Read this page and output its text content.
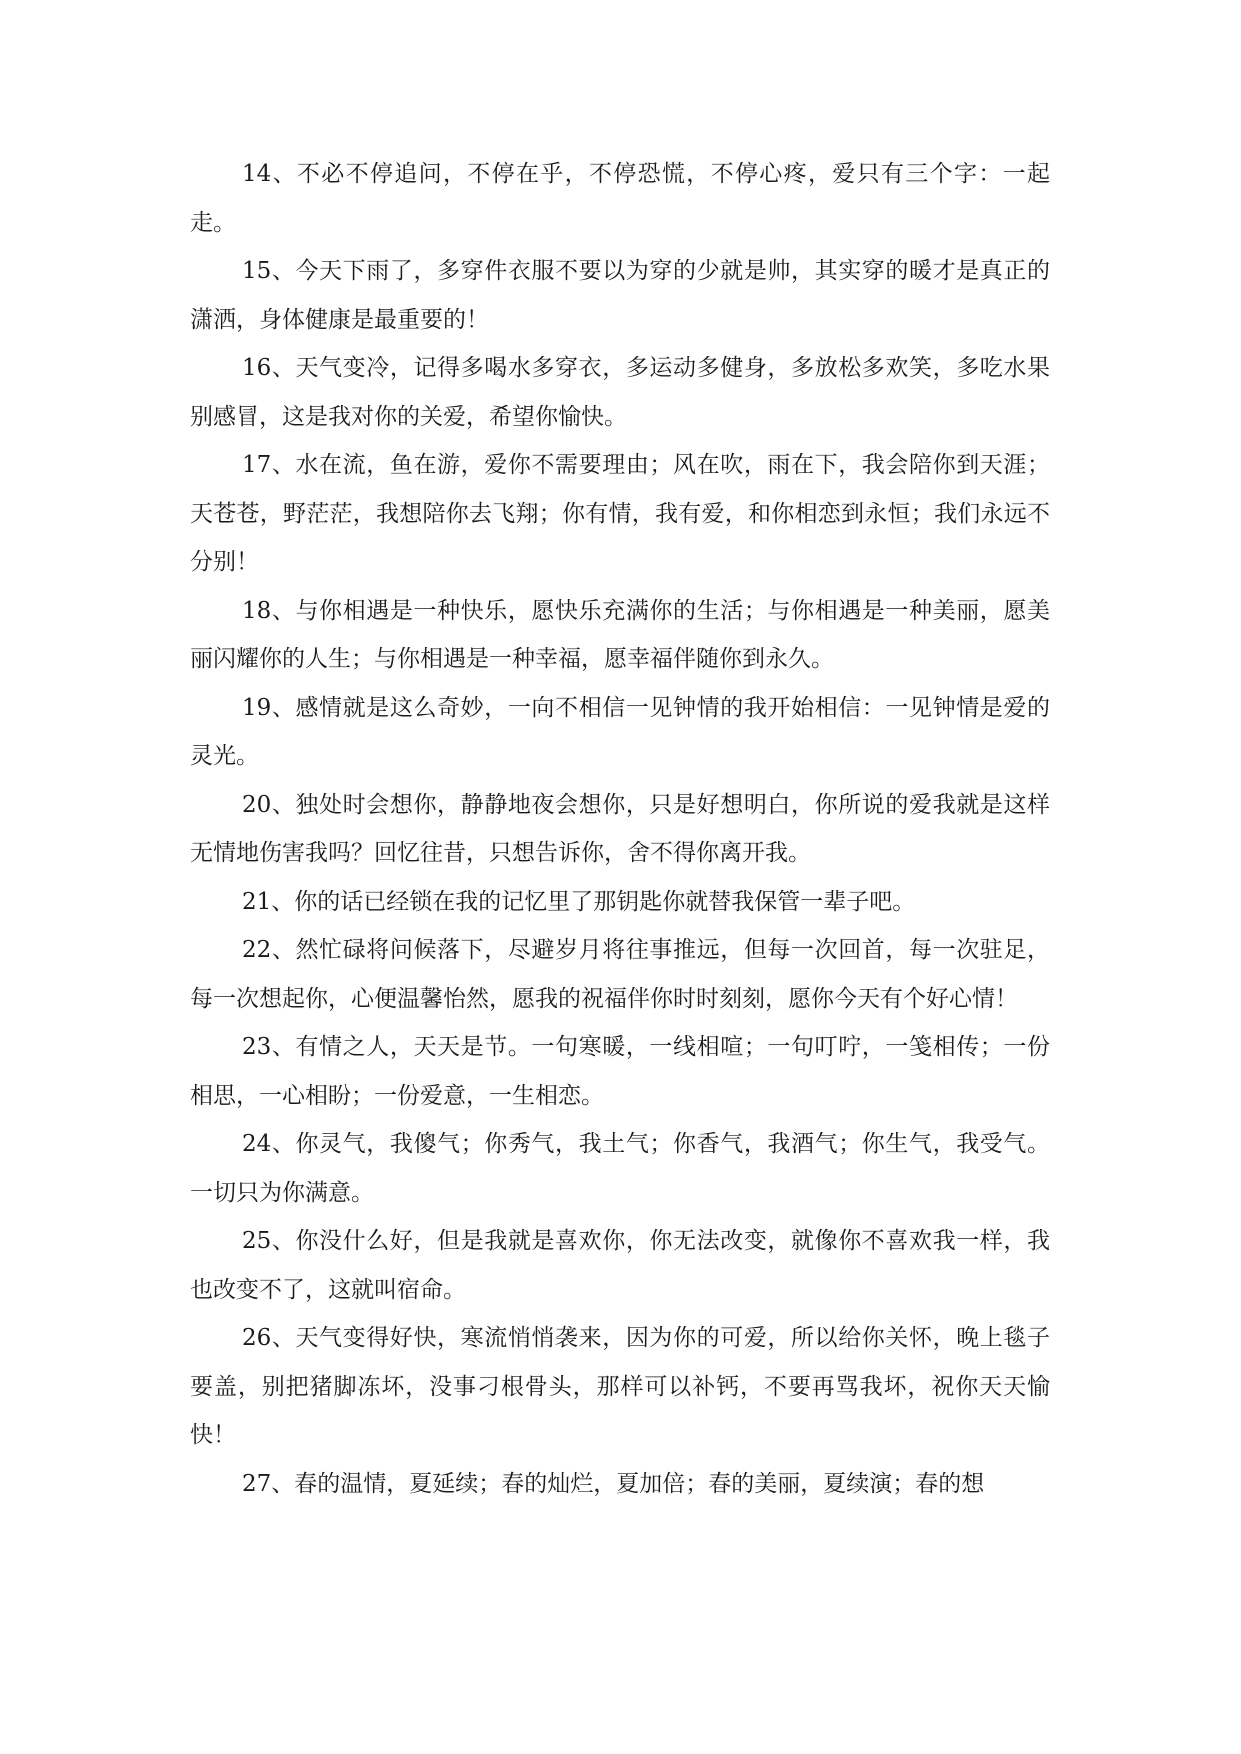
14、不必不停追问，不停在乎，不停恐慌，不停心疼，爱只有三个字：一起走。

15、今天下雨了，多穿件衣服不要以为穿的少就是帅，其实穿的暖才是真正的潇洒，身体健康是最重要的！

16、天气变冷，记得多喝水多穿衣，多运动多健身，多放松多欢笑，多吃水果别感冒，这是我对你的关爱，希望你愉快。

17、水在流，鱼在游，爱你不需要理由；风在吹，雨在下，我会陪你到天涯；天苍苍，野茫茫，我想陪你去飞翔；你有情，我有爱，和你相恋到永恒；我们永远不分别！

18、与你相遇是一种快乐，愿快乐充满你的生活；与你相遇是一种美丽，愿美丽闪耀你的人生；与你相遇是一种幸福，愿幸福伴随你到永久。

19、感情就是这么奇妙，一向不相信一见钟情的我开始相信：一见钟情是爱的灵光。

20、独处时会想你，静静地夜会想你，只是好想明白，你所说的爱我就是这样无情地伤害我吗？回忆往昔，只想告诉你，舍不得你离开我。

21、你的话已经锁在我的记忆里了那钥匙你就替我保管一辈子吧。

22、然忙碌将问候落下，尽避岁月将往事推远，但每一次回首，每一次驻足，每一次想起你，心便温馨怡然，愿我的祝福伴你时时刻刻，愿你今天有个好心情！

23、有情之人，天天是节。一句寒暖，一线相喧；一句叮咛，一笺相传；一份相思，一心相盼；一份爱意，一生相恋。

24、你灵气，我傻气；你秀气，我土气；你香气，我酒气；你生气，我受气。一切只为你满意。

25、你没什么好，但是我就是喜欢你，你无法改变，就像你不喜欢我一样，我也改变不了，这就叫宿命。

26、天气变得好快，寒流悄悄袭来，因为你的可爱，所以给你关怀，晚上毯子要盖，别把猪脚冻坏，没事刁根骨头，那样可以补钙，不要再骂我坏，祝你天天愉快！

27、春的温情，夏延续；春的灿烂，夏加倍；春的美丽，夏续演；春的想
